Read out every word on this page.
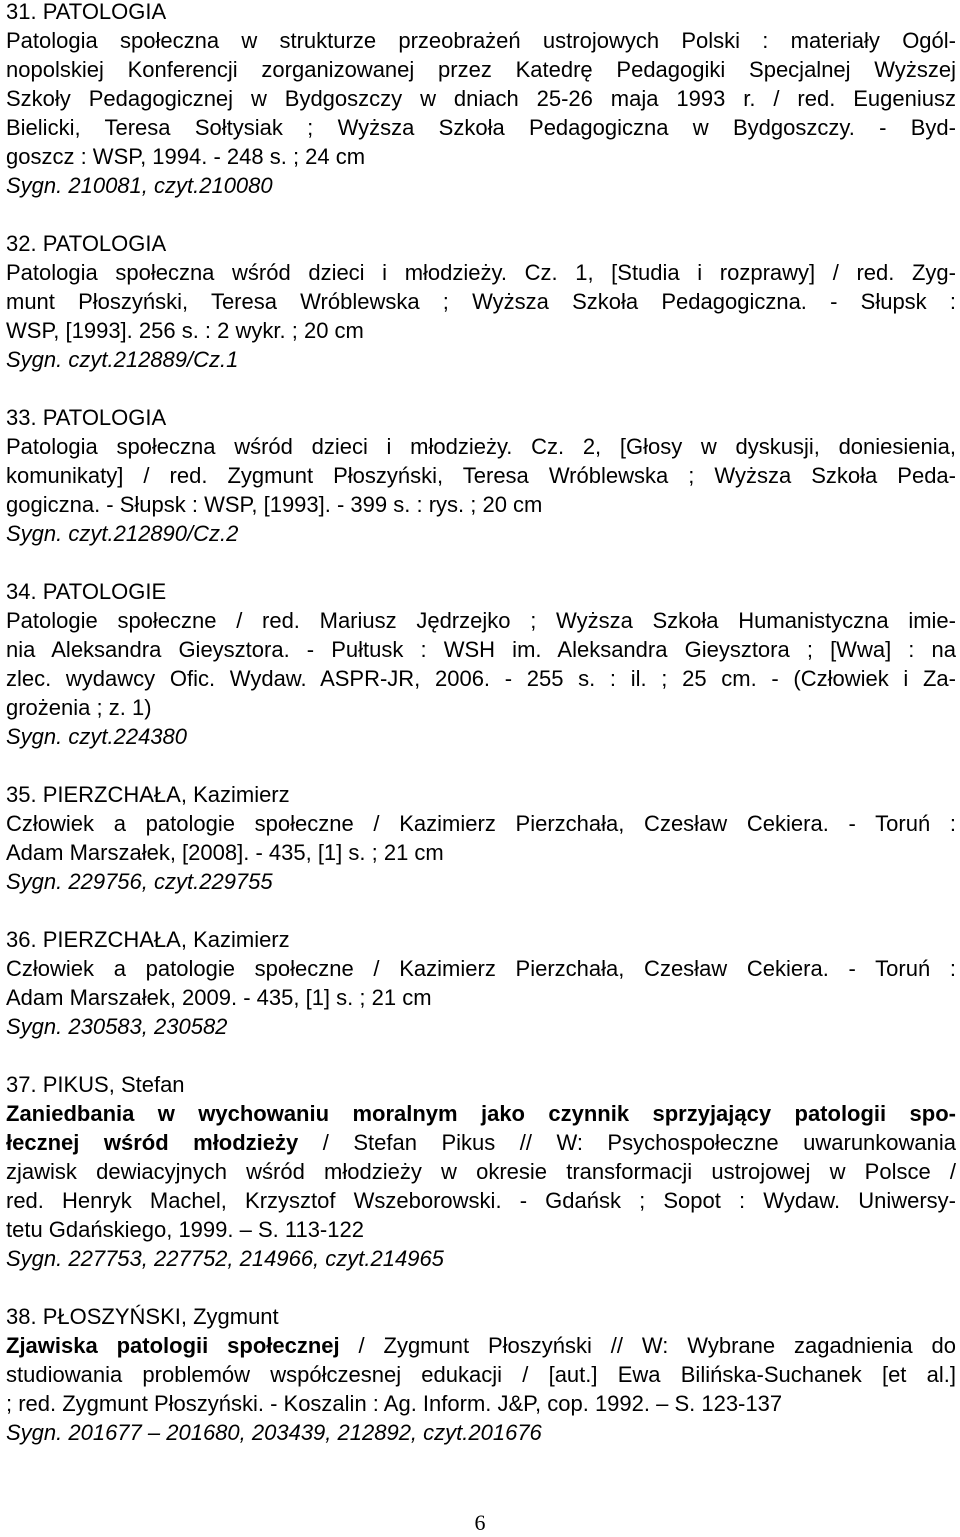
31. PATOLOGIA
Patologia społeczna w strukturze przeobrażeń ustrojowych Polski : materiały Ogól-
nopolskiej Konferencji zorganizowanej przez Katedrę Pedagogiki Specjalnej Wyższej
Szkoły Pedagogicznej w Bydgoszczy w dniach 25-26 maja 1993 r. / red. Eugeniusz
Bielicki, Teresa Sołtysiak ; Wyższa Szkoła Pedagogiczna w Bydgoszczy. - Byd-
goszcz : WSP, 1994. - 248 s. ; 24 cm
Sygn. 210081, czyt.210080
32. PATOLOGIA
Patologia społeczna wśród dzieci i młodzieży. Cz. 1, [Studia i rozprawy] / red. Zyg-
munt Płoszyński, Teresa Wróblewska ; Wyższa Szkoła Pedagogiczna. - Słupsk :
WSP, [1993]. 256 s. : 2 wykr. ; 20 cm
Sygn. czyt.212889/Cz.1
33. PATOLOGIA
Patologia społeczna wśród dzieci i młodzieży. Cz. 2, [Głosy w dyskusji, doniesienia,
komunikaty] / red. Zygmunt Płoszyński, Teresa Wróblewska ; Wyższa Szkoła Peda-
gogiczna. - Słupsk : WSP, [1993]. - 399 s. : rys. ; 20 cm
Sygn. czyt.212890/Cz.2
34. PATOLOGIE
Patologie społeczne / red. Mariusz Jędrzejko ; Wyższa Szkoła Humanistyczna imie-
nia Aleksandra Gieysztora. - Pułtusk : WSH im. Aleksandra Gieysztora ; [Wwa] : na
zlec. wydawcy Ofic. Wydaw. ASPR-JR, 2006. - 255 s. : il. ; 25 cm. - (Człowiek i Za-
grożenia ; z. 1)
Sygn. czyt.224380
35. PIERZCHAŁA, Kazimierz
Człowiek a patologie społeczne / Kazimierz Pierzchała, Czesław Cekiera. - Toruń :
Adam Marszałek, [2008]. - 435, [1] s. ; 21 cm
Sygn. 229756, czyt.229755
36. PIERZCHAŁA, Kazimierz
Człowiek a patologie społeczne / Kazimierz Pierzchała, Czesław Cekiera. - Toruń :
Adam Marszałek, 2009. - 435, [1] s. ; 21 cm
Sygn. 230583, 230582
37. PIKUS, Stefan
Zaniedbania w wychowaniu moralnym jako czynnik sprzyjający patologii spo-
łecznej wśród młodzieży / Stefan Pikus // W: Psychospołeczne uwarunkowania
zjawisk dewiacyjnych wśród młodzieży w okresie transformacji ustrojowej w Polsce /
red. Henryk Machel, Krzysztof Wszeborowski. - Gdańsk ; Sopot : Wydaw. Uniwersy-
tetu Gdańskiego, 1999. – S. 113-122
Sygn. 227753, 227752, 214966, czyt.214965
38. PŁOSZYŃSKI, Zygmunt
Zjawiska patologii społecznej / Zygmunt Płoszyński // W: Wybrane zagadnienia do
studiowania problemów współczesnej edukacji / [aut.] Ewa Bilińska-Suchanek [et al.]
; red. Zygmunt Płoszyński. - Koszalin : Ag. Inform. J&P, cop. 1992. – S. 123-137
Sygn. 201677 – 201680, 203439, 212892, czyt.201676
6
